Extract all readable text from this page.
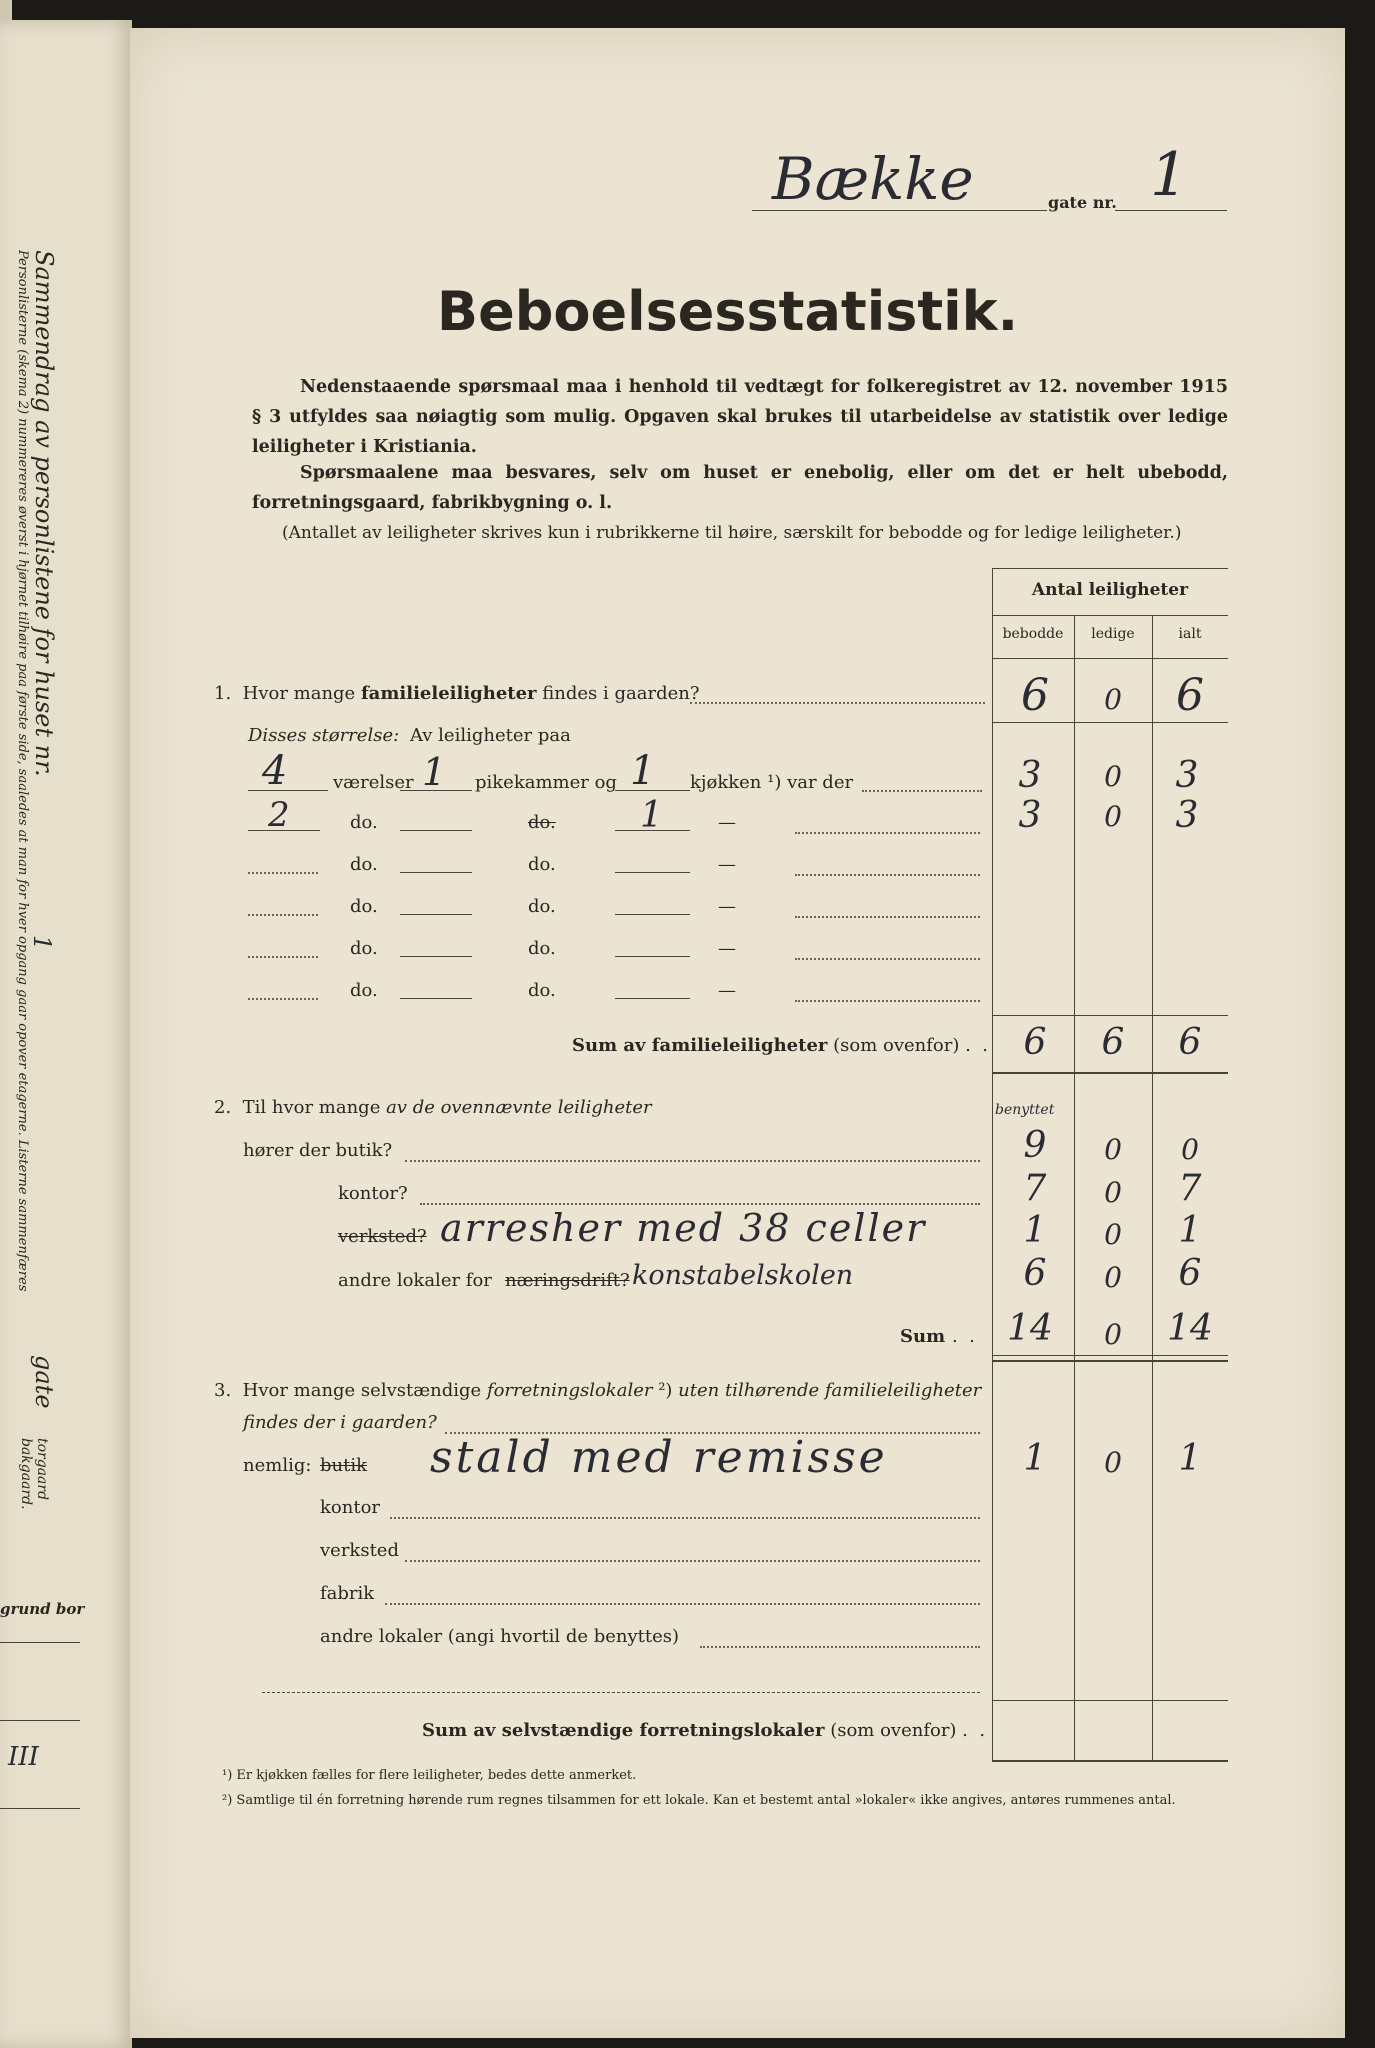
Sammendrag av personlistene for huset nr.
Personlisterne (skema 2) nummereres øverst i hjørnet tilhøire paa første side, saaledes at man for hver opgang gaar opover etagerne. Listerne sammenfæres
1
gate
torgaard
bakgaard.
grund bor
III
Bække	gate nr. 1
Beboelsesstatistik.
Nedenstaaende spørsmaal maa i henhold til vedtægt for folkeregistret av 12. november 1915 § 3 utfyldes saa nøiagtig som mulig. Opgaven skal brukes til utarbeidelse av statistik over ledige leiligheter i Kristiania.
Spørsmaalene maa besvares, selv om huset er enebolig, eller om det er helt ubebodd, forretningsgaard, fabrikbygning o. l.
(Antallet av leiligheter skrives kun i rubrikkerne til høire, særskilt for bebodde og for ledige leiligheter.)
Antal leiligheter
bebodde	ledige	ialt
1.  Hvor mange familieleiligheter findes i gaarden?	6	0	6
Disses størrelse: Av leiligheter paa
4	værelser 1 pikekammer og 1 kjøkken ¹) var der	3	0	3
2	do.	do. 1	—	3	0	3
do.	do.	—
do.	do.	—
do.	do.	—
do.	do.	—
Sum av familieleiligheter (som ovenfor) .  . 6	6	6
2.  Til hvor mange av de ovennævnte leiligheter	benyttet
hører der butik?	9	0	0
kontor?	7	0	7
verksted? arresher med 38 celler	1	0	1
andre lokaler for næringsdrift? konstabelskolen	6	0	6
Sum .  . 14	0	14
3.  Hvor mange selvstændige forretningslokaler ²) uten tilhørende familieleiligheter
findes der i gaarden?
nemlig: butik stald med remisse	1	0	1
kontor
verksted
fabrik
andre lokaler (angi hvortil de benyttes)
Sum av selvstændige forretningslokaler (som ovenfor) .  .
¹) Er kjøkken fælles for flere leiligheter, bedes dette anmerket.
²) Samtlige til én forretning hørende rum regnes tilsammen for ett lokale. Kan et bestemt antal »lokaler« ikke angives, antøres rummenes antal.
